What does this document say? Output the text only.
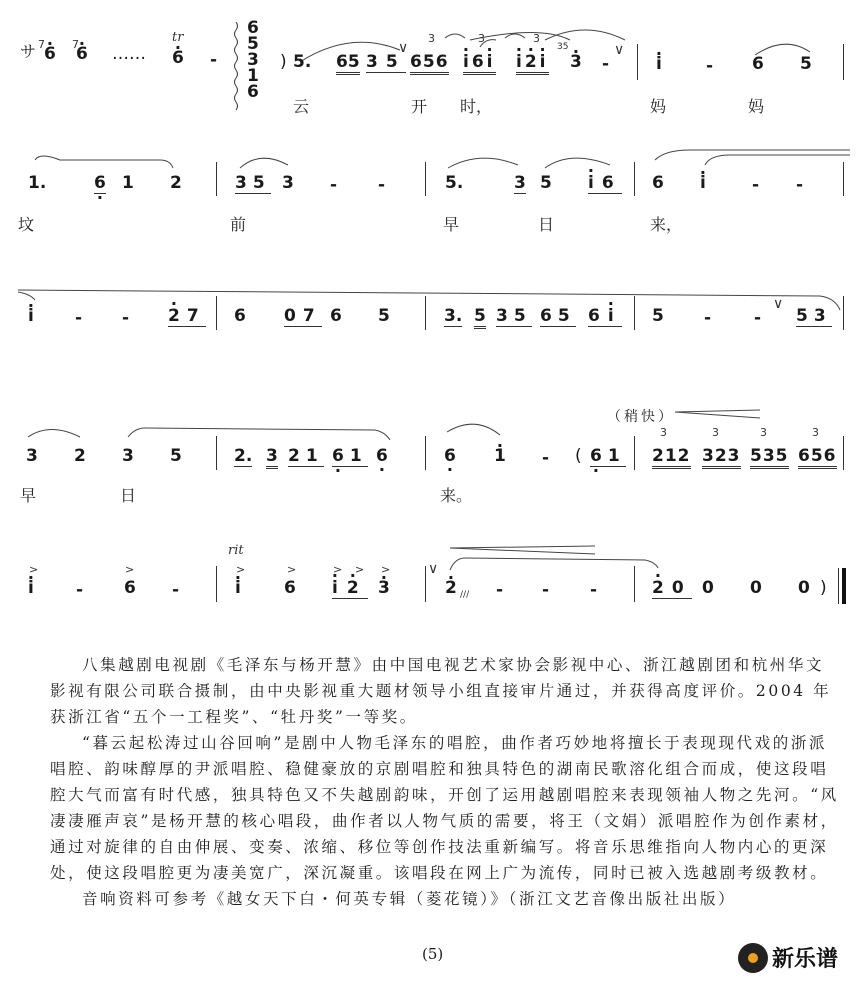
サ 7 · 6 7
· 6 ……
tr
· 6 -
6
5
3
1
6
) 5. 65 35
∨
656
3
· i6· i
3
· i· 2· i
3
35
· 3 -
∨
· i	- 6 5
云	开 时，	妈	妈
1.	6 · 1 2	35 3 - -	5.	3 5 · i6 6 · i	- -
坟	前	早	日	来，
· i - - · 27 6 07 6 5	3. 5 35 65 6· i 5 -	-
∨
53
（稍快）
3 2 3 5	2. 3 21 6 ·1 6 ·	6 · · 1 - ( 6 ·1
3	3	3	3
212 323 535 656
早	日	来。
rit
>
· i -
>
6 -
>
· i
>
6
> >
· i· 2
>
· 3
∨
· 2 /// - - -	· 20 0 0 0 )

八集越剧电视剧《毛泽东与杨开慧》由中国电视艺术家协会影视中心、浙江越剧团和杭州华文影视有限公司联合摄制，由中央影视重大题材领导小组直接审片通过，并获得高度评价。2004 年获浙江省“五个一工程奖”、“牡丹奖”一等奖。

“暮云起松涛过山谷回响”是剧中人物毛泽东的唱腔，曲作者巧妙地将擅长于表现现代戏的浙派唱腔、韵味醇厚的尹派唱腔、稳健豪放的京剧唱腔和独具特色的湖南民歌溶化组合而成，使这段唱腔大气而富有时代感，独具特色又不失越剧韵味，开创了运用越剧唱腔来表现领袖人物之先河。“风凄凄雁声哀”是杨开慧的核心唱段，曲作者以人物气质的需要，将王（文娟）派唱腔作为创作素材，通过对旋律的自由伸展、变奏、浓缩、移位等创作技法重新编写。将音乐思维指向人物内心的更深处，使这段唱腔更为凄美宽广，深沉凝重。该唱段在网上广为流传，同时已被入选越剧考级教材。

音响资料可参考《越女天下白・何英专辑（菱花镜）》（浙江文艺音像出版社出版）

(5)	新乐谱
